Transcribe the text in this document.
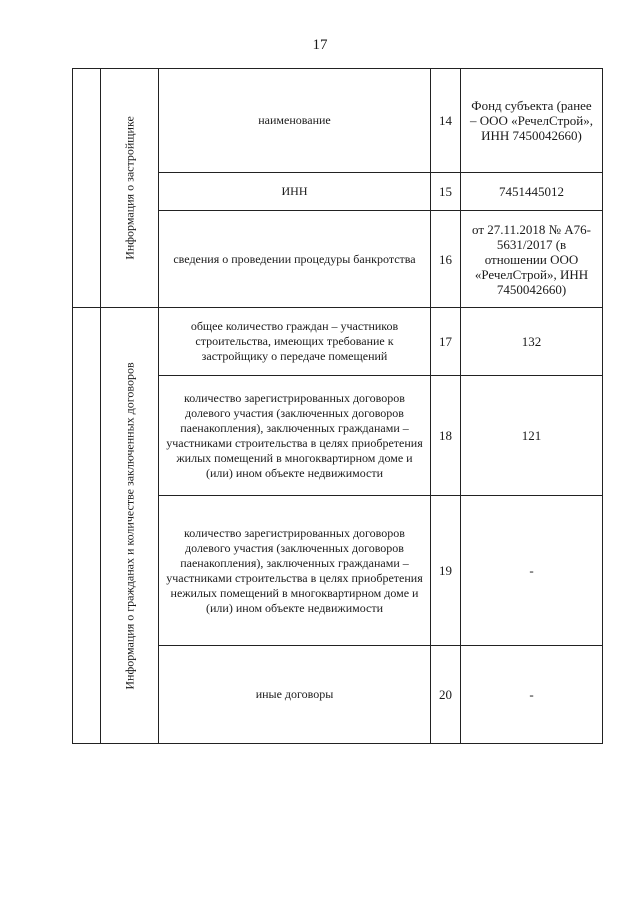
17

	Информация о застройщике	наименование	14	Фонд субъекта (ранее – ООО «РечелСтрой», ИНН 7450042660)
		ИНН	15	7451445012
		сведения о проведении процедуры банкротства	16	от 27.11.2018 № А76-5631/2017 (в отношении ООО «РечелСтрой», ИНН 7450042660)

	Информация о гражданах и количестве заключенных договоров	общее количество граждан – участников строительства, имеющих требование к застройщику о передаче помещений	17	132
		количество зарегистрированных договоров долевого участия (заключенных договоров паенакопления), заключенных гражданами – участниками строительства в целях приобретения жилых помещений в многоквартирном доме и (или) ином объекте недвижимости	18	121
		количество зарегистрированных договоров долевого участия (заключенных договоров паенакопления), заключенных гражданами – участниками строительства в целях приобретения нежилых помещений в многоквартирном доме и (или) ином объекте недвижимости	19	-
		иные договоры	20	-
